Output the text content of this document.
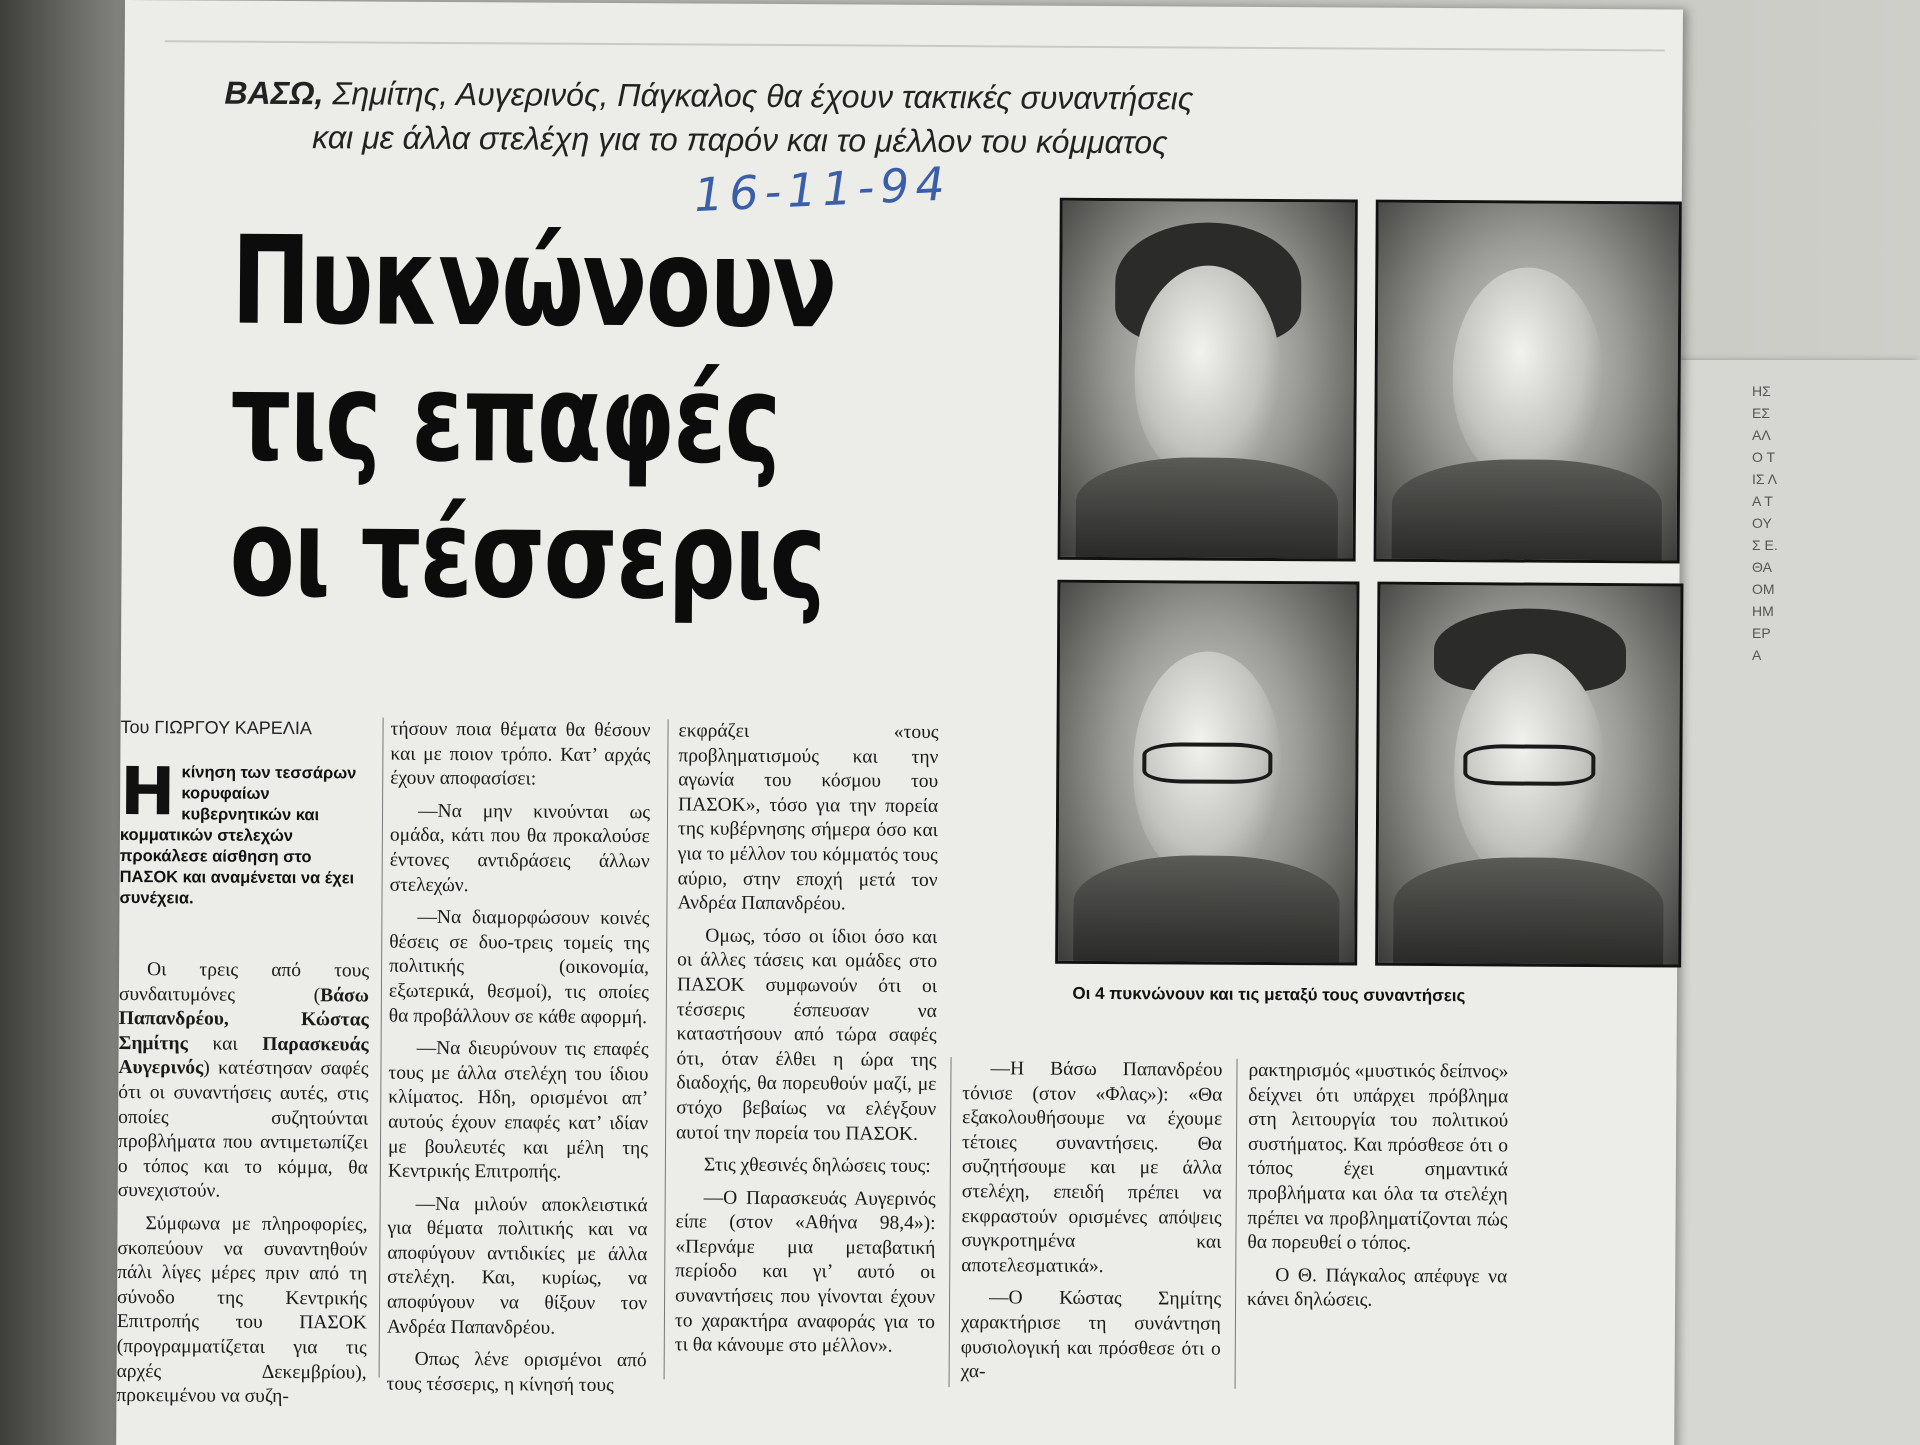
ΗΣΕΣ ΑΛΟ ΤΙΣ ΛΑ ΤΟΥΣ Ε. ΘΑ ΟΜ ΗΜΕΡΑ
ΒΑΣΩ, Σημίτης, Αυγερινός, Πάγκαλος θα έχουν τακτικές συναντήσεις
και με άλλα στελέχη για το παρόν και το μέλλον του κόμματος
16-11-94
Πυκνώνουν
τις επαφές
οι τέσσερις
Οι 4 πυκνώνουν και τις μεταξύ τους συναντήσεις
Του ΓΙΩΡΓΟΥ ΚΑΡΕΛΙΑ
Ηκίνηση των τεσσάρων κορυφαίων κυβερνητικών και κομματικών στελεχών προκάλεσε αίσθηση στο ΠΑΣΟΚ και αναμένεται να έχει συνέχεια.

Οι τρεις από τους συνδαιτυμόνες (Βάσω Παπανδρέου, Κώστας Σημίτης και Παρασκευάς Αυγερινός) κατέστησαν σαφές ότι οι συναντήσεις αυτές, στις οποίες συζητούνται προβλήματα που αντιμετωπίζει ο τόπος και το κόμμα, θα συνεχιστούν.

Σύμφωνα με πληροφορίες, σκοπεύουν να συναντηθούν πάλι λίγες μέρες πριν από τη σύνοδο της Κεντρικής Επιτροπής του ΠΑΣΟΚ (προγραμματίζεται για τις αρχές Δεκεμβρίου), προκειμένου να συζη-

τήσουν ποια θέματα θα θέσουν και με ποιον τρόπο. Κατ’ αρχάς έχουν αποφασίσει:

—Να μην κινούνται ως ομάδα, κάτι που θα προκαλούσε έντονες αντιδράσεις άλλων στελεχών.

—Να διαμορφώσουν κοινές θέσεις σε δυο-τρεις τομείς της πολιτικής (οικονομία, εξωτερικά, θεσμοί), τις οποίες θα προβάλλουν σε κάθε αφορμή.

—Να διευρύνουν τις επαφές τους με άλλα στελέχη του ίδιου κλίματος. Ηδη, ορισμένοι απ’ αυτούς έχουν επαφές κατ’ ιδίαν με βουλευτές και μέλη της Κεντρικής Επιτροπής.

—Να μιλούν αποκλειστικά για θέματα πολιτικής και να αποφύγουν αντιδικίες με άλλα στελέχη. Και, κυρίως, να αποφύγουν να θίξουν τον Ανδρέα Παπανδρέου.

Οπως λένε ορισμένοι από τους τέσσερις, η κίνησή τους

εκφράζει «τους προβληματισμούς και την αγωνία του κόσμου του ΠΑΣΟΚ», τόσο για την πορεία της κυβέρνησης σήμερα όσο και για το μέλλον του κόμματός τους αύριο, στην εποχή μετά τον Ανδρέα Παπανδρέου.

Ομως, τόσο οι ίδιοι όσο και οι άλλες τάσεις και ομάδες στο ΠΑΣΟΚ συμφωνούν ότι οι τέσσερις έσπευσαν να καταστήσουν από τώρα σαφές ότι, όταν έλθει η ώρα της διαδοχής, θα πορευθούν μαζί, με στόχο βεβαίως να ελέγξουν αυτοί την πορεία του ΠΑΣΟΚ.

Στις χθεσινές δηλώσεις τους:

—Ο Παρασκευάς Αυγερινός είπε (στον «Αθήνα 98,4»): «Περνάμε μια μεταβατική περίοδο και γι’ αυτό οι συναντήσεις που γίνονται έχουν το χαρακτήρα αναφοράς για το τι θα κάνουμε στο μέλλον».

—Η Βάσω Παπανδρέου τόνισε (στον «Φλας»): «Θα εξακολουθήσουμε να έχουμε τέτοιες συναντήσεις. Θα συζητήσουμε και με άλλα στελέχη, επειδή πρέπει να εκφραστούν ορισμένες απόψεις συγκροτημένα και αποτελεσματικά».

—Ο Κώστας Σημίτης χαρακτήρισε τη συνάντηση φυσιολογική και πρόσθεσε ότι ο χα-

ρακτηρισμός «μυστικός δείπνος» δείχνει ότι υπάρχει πρόβλημα στη λειτουργία του πολιτικού συστήματος. Και πρόσθεσε ότι ο τόπος έχει σημαντικά προβλήματα και όλα τα στελέχη πρέπει να προβληματίζονται πώς θα πορευθεί ο τόπος.

Ο Θ. Πάγκαλος απέφυγε να κάνει δηλώσεις.
